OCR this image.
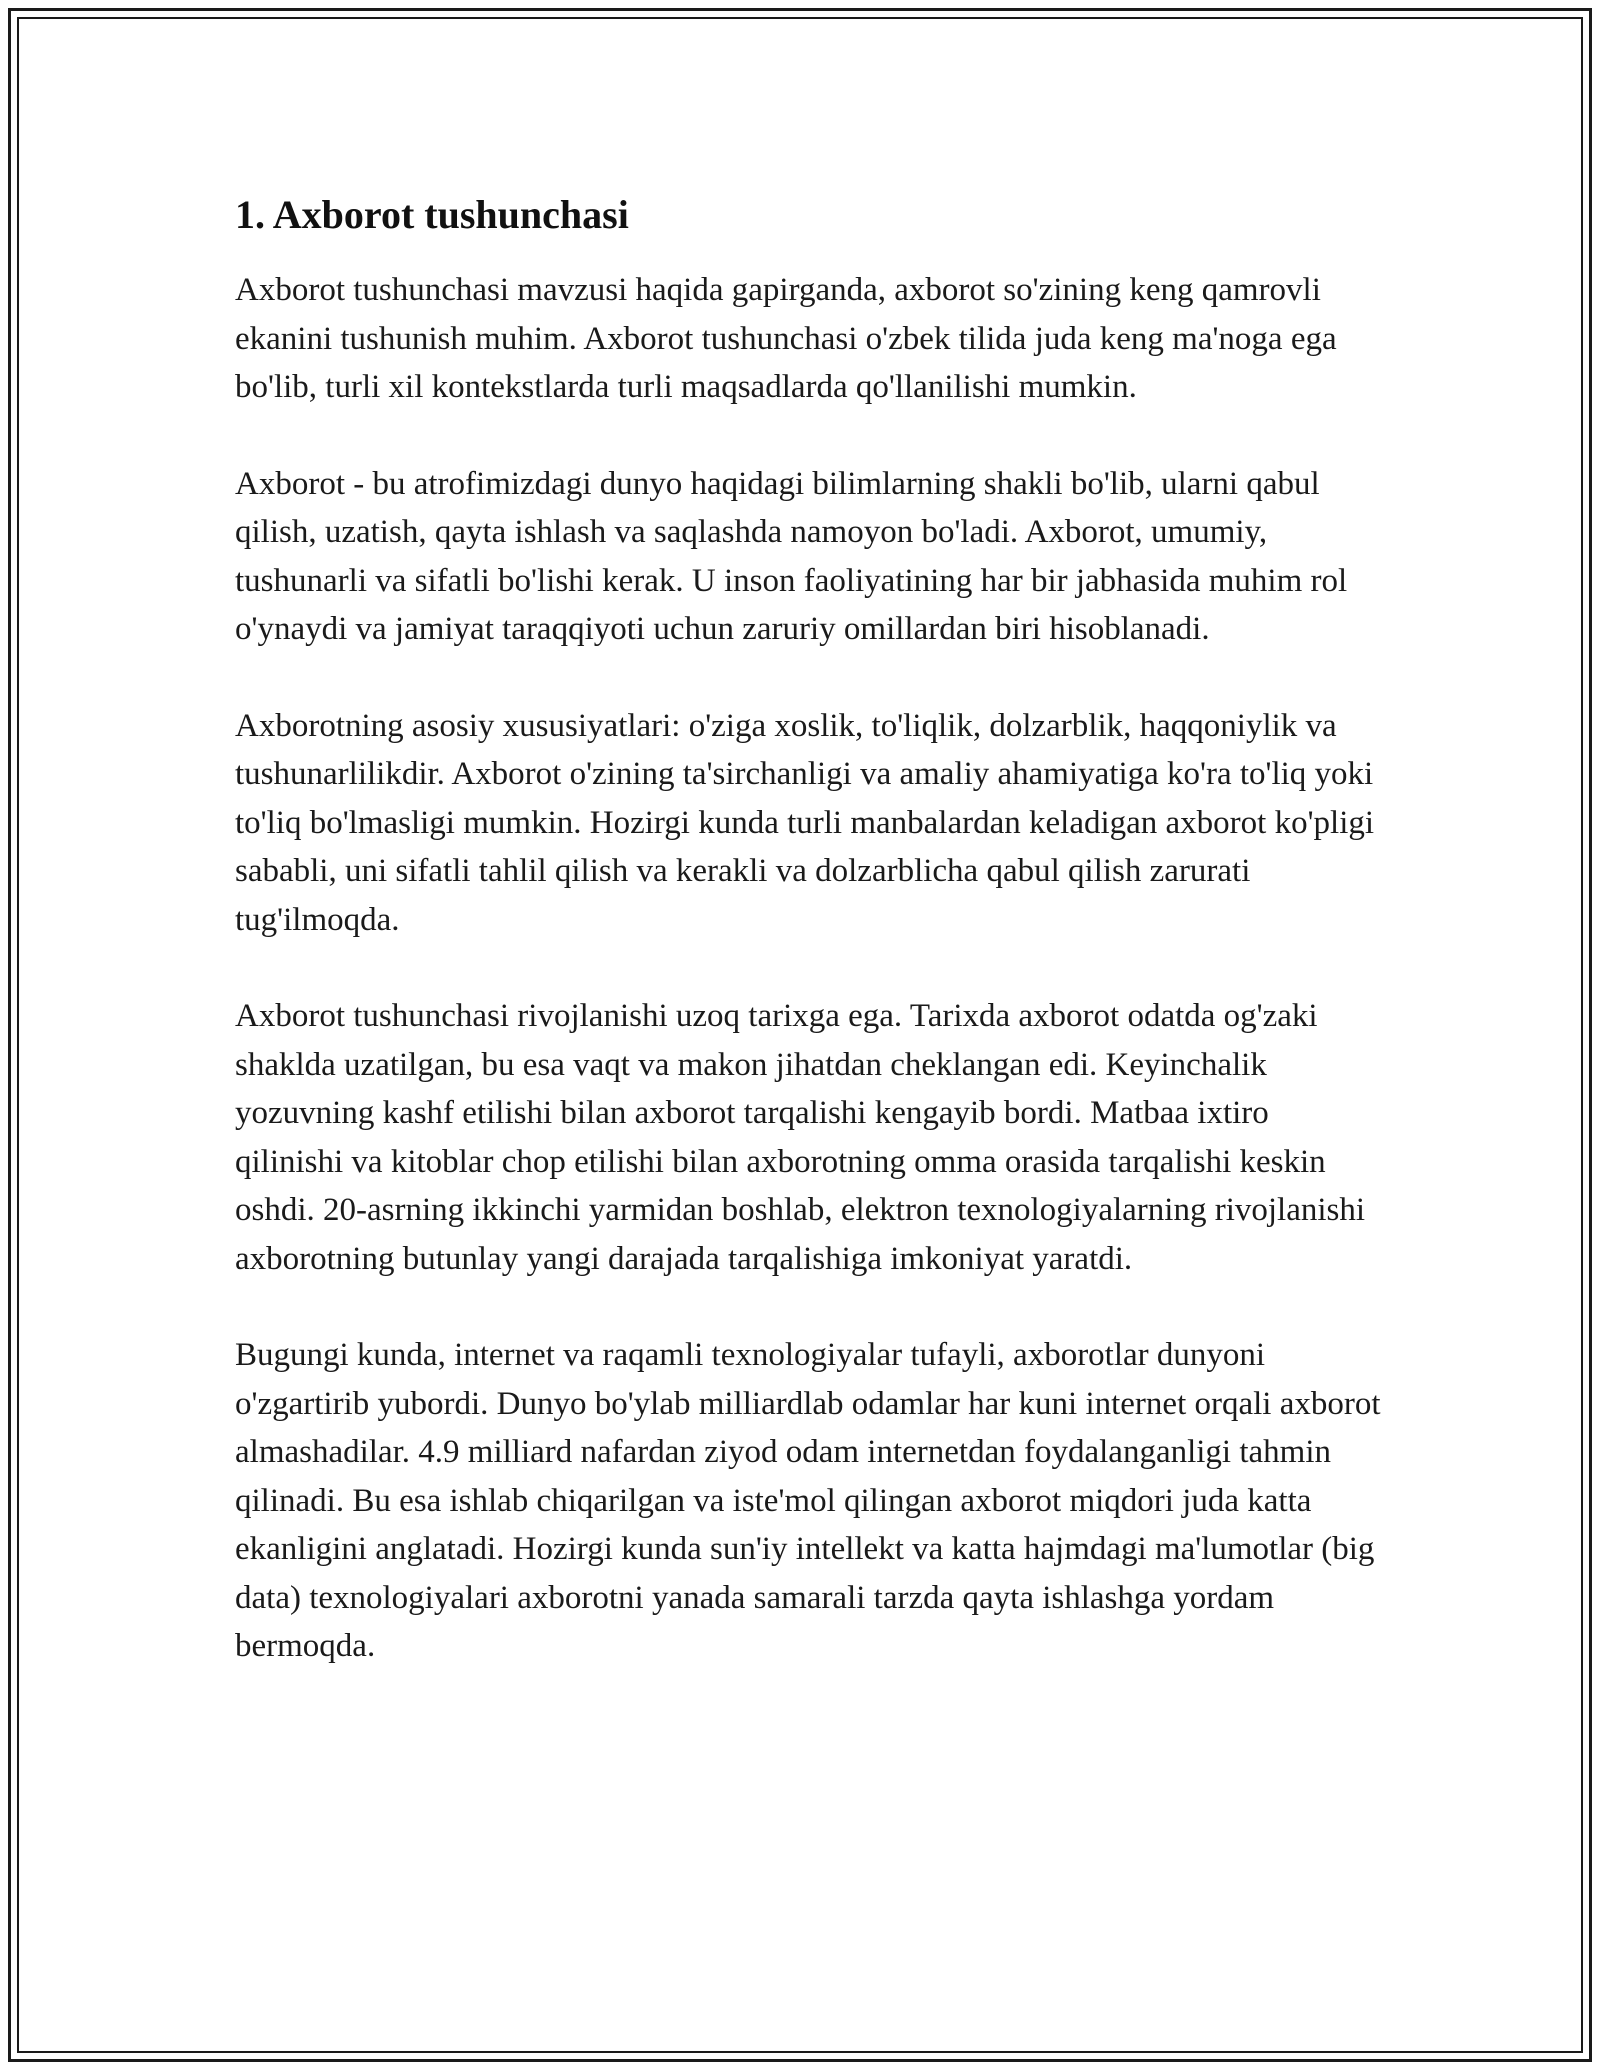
1. Axborot tushunchasi

Axborot tushunchasi mavzusi haqida gapirganda, axborot so'zining keng qamrovli ekanini tushunish muhim. Axborot tushunchasi o'zbek tilida juda keng ma'noga ega bo'lib, turli xil kontekstlarda turli maqsadlarda qo'llanilishi mumkin.

Axborot - bu atrofimizdagi dunyo haqidagi bilimlarning shakli bo'lib, ularni qabul qilish, uzatish, qayta ishlash va saqlashda namoyon bo'ladi. Axborot, umumiy, tushunarli va sifatli bo'lishi kerak. U inson faoliyatining har bir jabhasida muhim rol o'ynaydi va jamiyat taraqqiyoti uchun zaruriy omillardan biri hisoblanadi.

Axborotning asosiy xususiyatlari: o'ziga xoslik, to'liqlik, dolzarblik, haqqoniylik va tushunarlilikdir. Axborot o'zining ta'sirchanligi va amaliy ahamiyatiga ko'ra to'liq yoki to'liq bo'lmasligi mumkin. Hozirgi kunda turli manbalardan keladigan axborot ko'pligi sababli, uni sifatli tahlil qilish va kerakli va dolzarblicha qabul qilish zarurati tug'ilmoqda.

Axborot tushunchasi rivojlanishi uzoq tarixga ega. Tarixda axborot odatda og'zaki shaklda uzatilgan, bu esa vaqt va makon jihatdan cheklangan edi. Keyinchalik yozuvning kashf etilishi bilan axborot tarqalishi kengayib bordi. Matbaa ixtiro qilinishi va kitoblar chop etilishi bilan axborotning omma orasida tarqalishi keskin oshdi. 20-asrning ikkinchi yarmidan boshlab, elektron texnologiyalarning rivojlanishi axborotning butunlay yangi darajada tarqalishiga imkoniyat yaratdi.

Bugungi kunda, internet va raqamli texnologiyalar tufayli, axborotlar dunyoni o'zgartirib yubordi. Dunyo bo'ylab milliardlab odamlar har kuni internet orqali axborot almashadilar. 4.9 milliard nafardan ziyod odam internetdan foydalanganligi tahmin qilinadi. Bu esa ishlab chiqarilgan va iste'mol qilingan axborot miqdori juda katta ekanligini anglatadi. Hozirgi kunda sun'iy intellekt va katta hajmdagi ma'lumotlar (big data) texnologiyalari axborotni yanada samarali tarzda qayta ishlashga yordam bermoqda.
